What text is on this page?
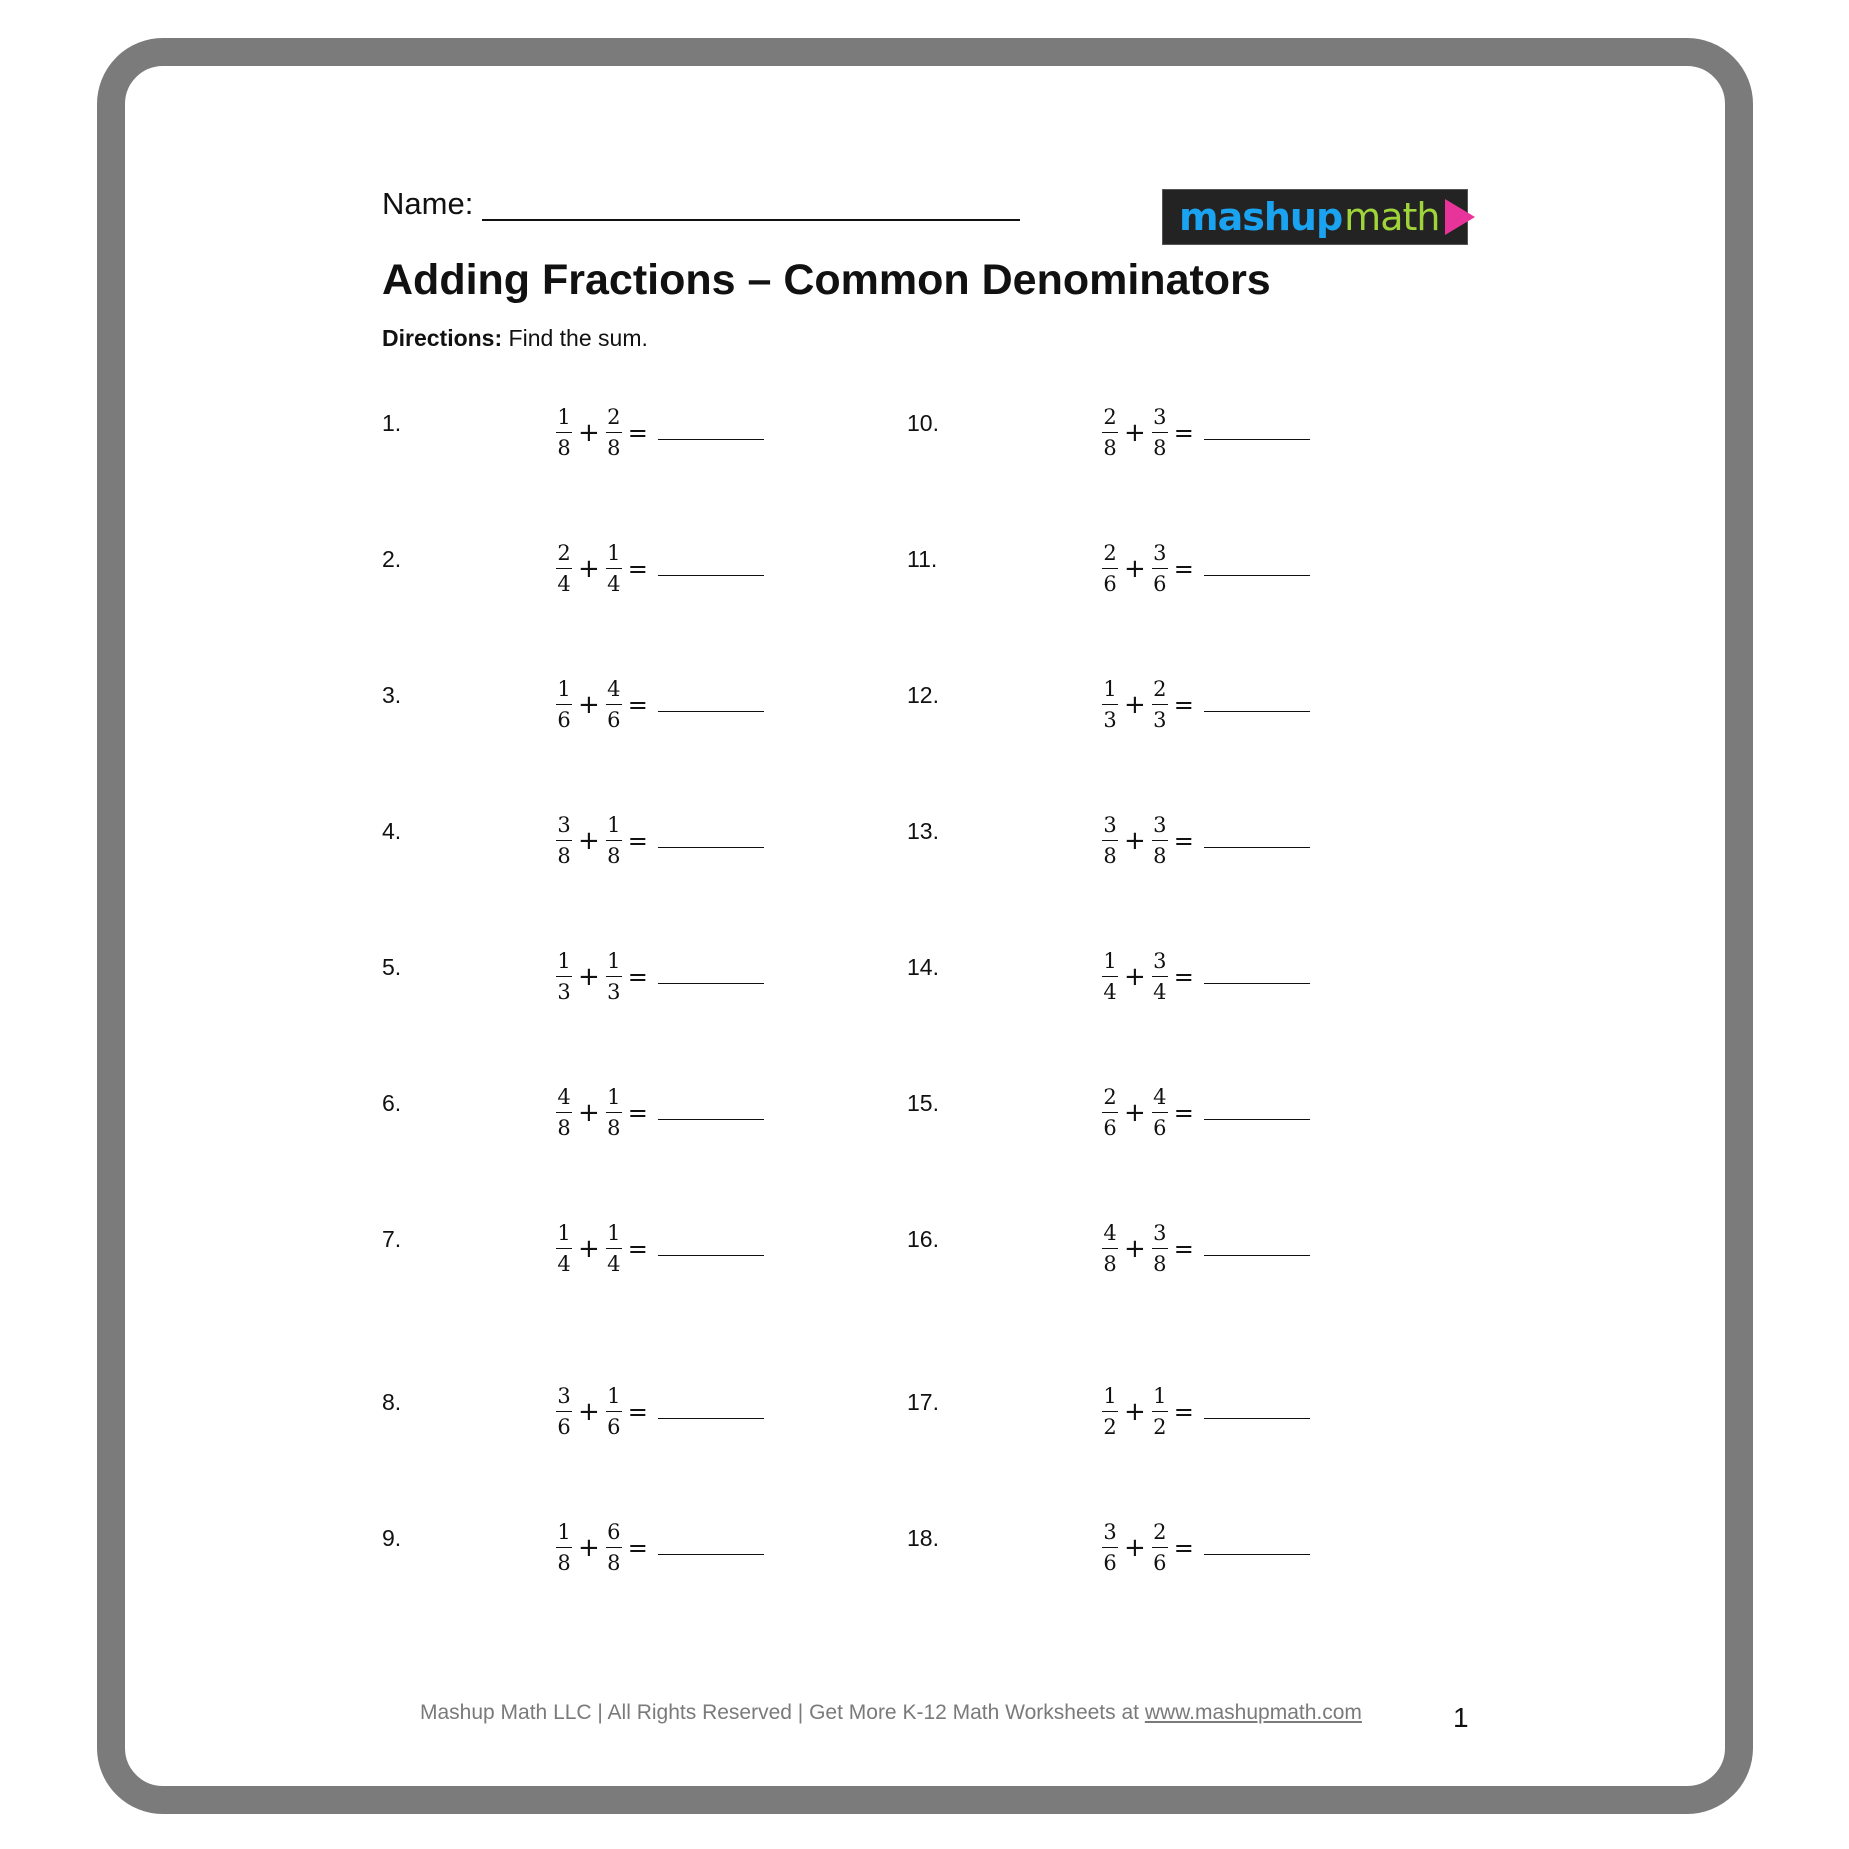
Name:	mashup math
Adding Fractions – Common Denominators
Directions: Find the sum.
1.	$\frac{1}{8} + \frac{2}{8}$ =
2.	$\frac{2}{4} + \frac{1}{4}$ =
3.	$\frac{1}{6} + \frac{4}{6}$ =
4.	$\frac{3}{8} + \frac{1}{8}$ =
5.	$\frac{1}{3} + \frac{1}{3}$ =
6.	$\frac{4}{8} + \frac{1}{8}$ =
7.	$\frac{1}{4} + \frac{1}{4}$ =
8.	$\frac{3}{6} + \frac{1}{6}$ =
9.	$\frac{1}{8} + \frac{6}{8}$ =
10.	$\frac{2}{8} + \frac{3}{8}$ =
11.	$\frac{2}{6} + \frac{3}{6}$ =
12.	$\frac{1}{3} + \frac{2}{3}$ =
13.	$\frac{3}{8} + \frac{3}{8}$ =
14.	$\frac{1}{4} + \frac{3}{4}$ =
15.	$\frac{2}{6} + \frac{4}{6}$ =
16.	$\frac{4}{8} + \frac{3}{8}$ =
17.	$\frac{1}{2} + \frac{1}{2}$ =
18.	$\frac{3}{6} + \frac{2}{6}$ =
Mashup Math LLC | All Rights Reserved | Get More K-12 Math Worksheets at www.mashupmath.com	1
